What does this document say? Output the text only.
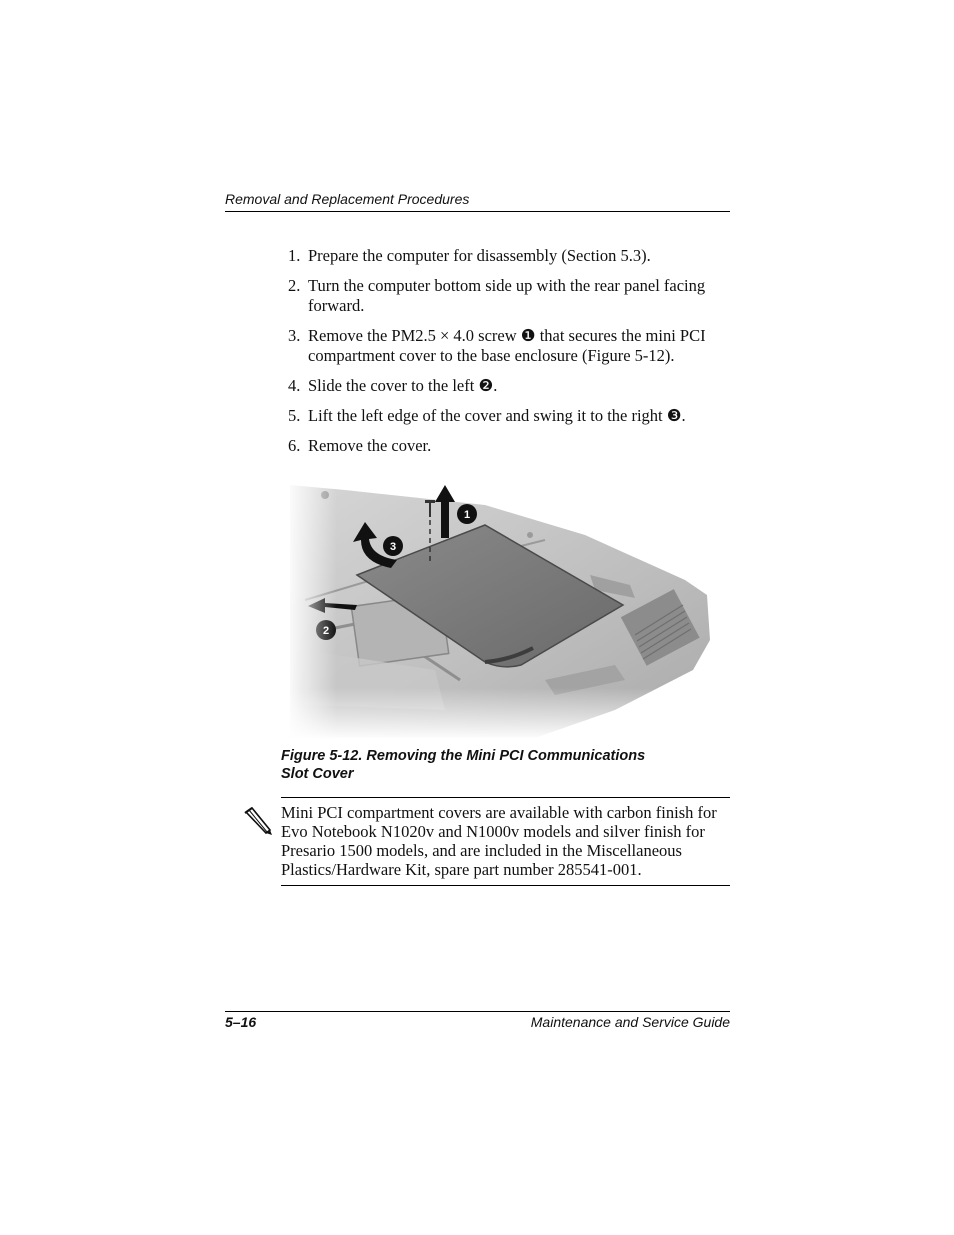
Removal and Replacement Procedures
1. Prepare the computer for disassembly (Section 5.3).
2. Turn the computer bottom side up with the rear panel facing forward.
3. Remove the PM2.5 × 4.0 screw ❶ that secures the mini PCI compartment cover to the base enclosure (Figure 5-12).
4. Slide the cover to the left ❷.
5. Lift the left edge of the cover and swing it to the right ❸.
6. Remove the cover.
Figure 5-12. Removing the Mini PCI Communications
Slot Cover
Mini PCI compartment covers are available with carbon finish for Evo Notebook N1020v and N1000v models and silver finish for Presario 1500 models, and are included in the Miscellaneous Plastics/Hardware Kit, spare part number 285541-001.
5–16	Maintenance and Service Guide
